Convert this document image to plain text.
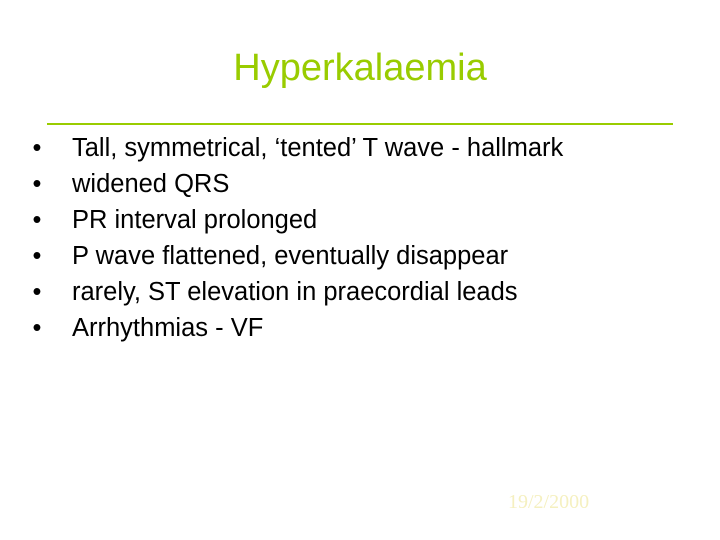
Hyperkalaemia
• Tall, symmetrical, ‘tented’ T wave - hallmark
• widened QRS
• PR interval prolonged
• P wave flattened, eventually disappear
• rarely, ST elevation in praecordial leads
• Arrhythmias - VF
19/2/2000
